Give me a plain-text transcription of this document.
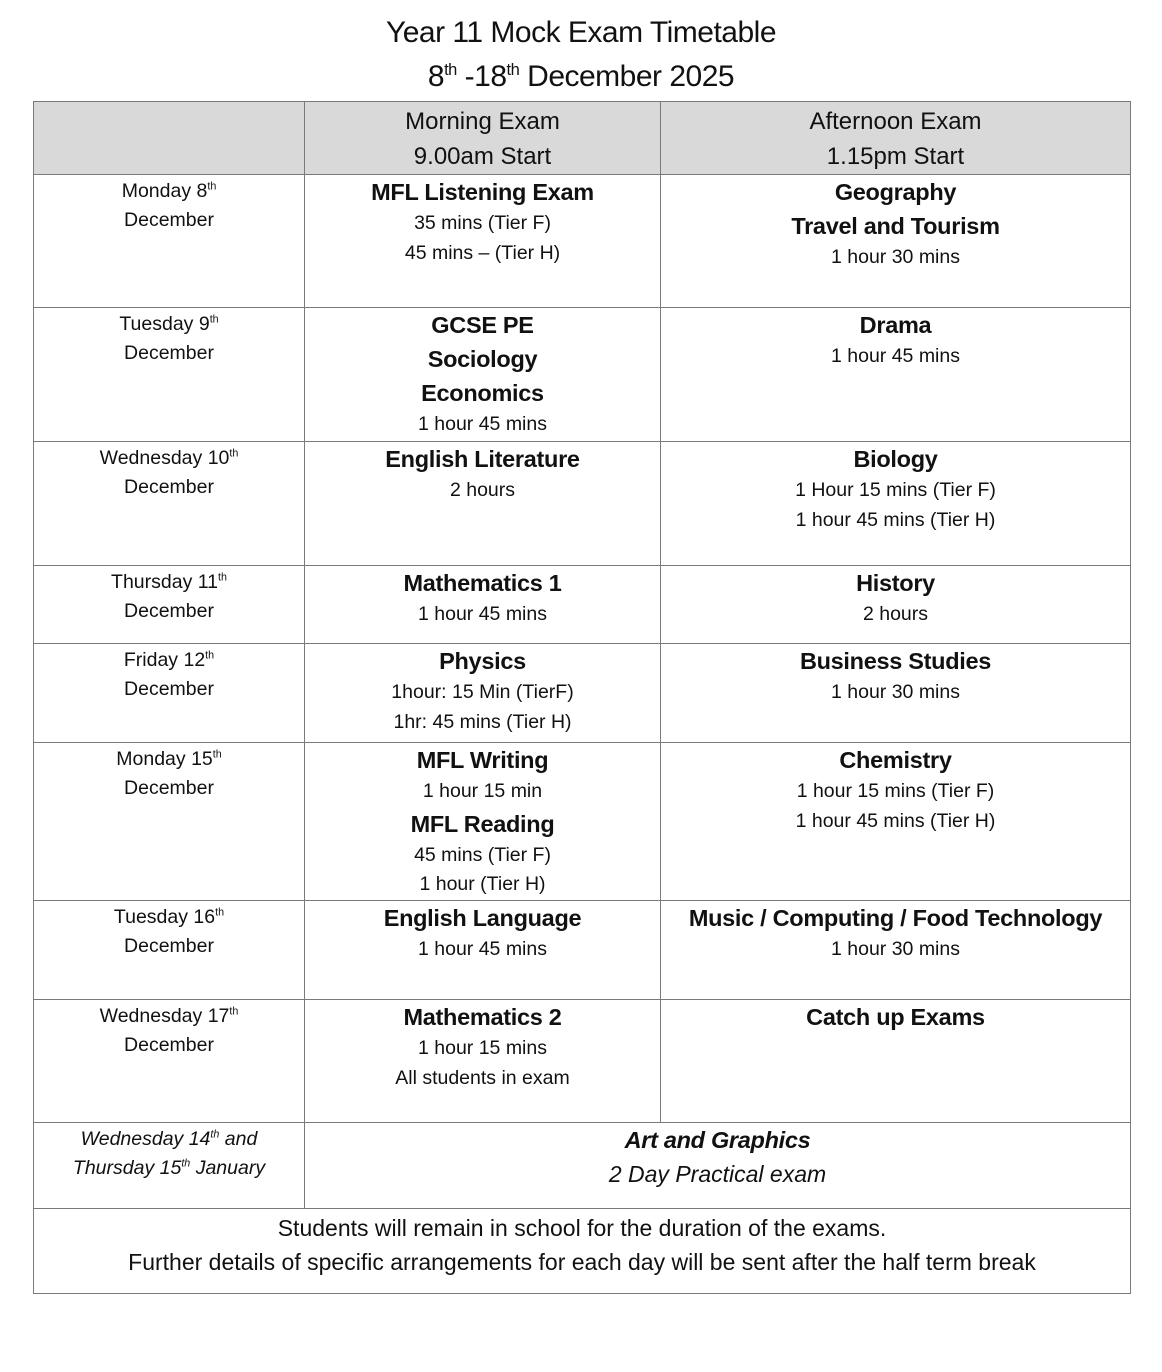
Year 11 Mock Exam Timetable
8th -18th December 2025

	Morning Exam
9.00am Start	Afternoon Exam
1.15pm Start

Monday 8th
December	MFL Listening Exam
35 mins (Tier F)
45 mins – (Tier H)	Geography
Travel and Tourism
1 hour 30 mins

Tuesday 9th
December	GCSE PE
Sociology
Economics
1 hour 45 mins	Drama
1 hour 45 mins

Wednesday 10th
December	English Literature
2 hours	Biology
1 Hour 15 mins (Tier F)
1 hour 45 mins (Tier H)

Thursday 11th
December	Mathematics 1
1 hour 45 mins	History
2 hours

Friday 12th
December	Physics
1hour: 15 Min (TierF)
1hr: 45 mins (Tier H)	Business Studies
1 hour 30 mins

Monday 15th
December	MFL Writing
1 hour 15 min
MFL Reading
45 mins (Tier F)
1 hour (Tier H)	Chemistry
1 hour 15 mins (Tier F)
1 hour 45 mins (Tier H)

Tuesday 16th
December	English Language
1 hour 45 mins	Music / Computing / Food Technology
1 hour 30 mins

Wednesday 17th
December	Mathematics 2
1 hour 15 mins
All students in exam	Catch up Exams

Wednesday 14th and
Thursday 15th January	Art and Graphics
2 Day Practical exam	

Students will remain in school for the duration of the exams.
Further details of specific arrangements for each day will be sent after the half term break		
